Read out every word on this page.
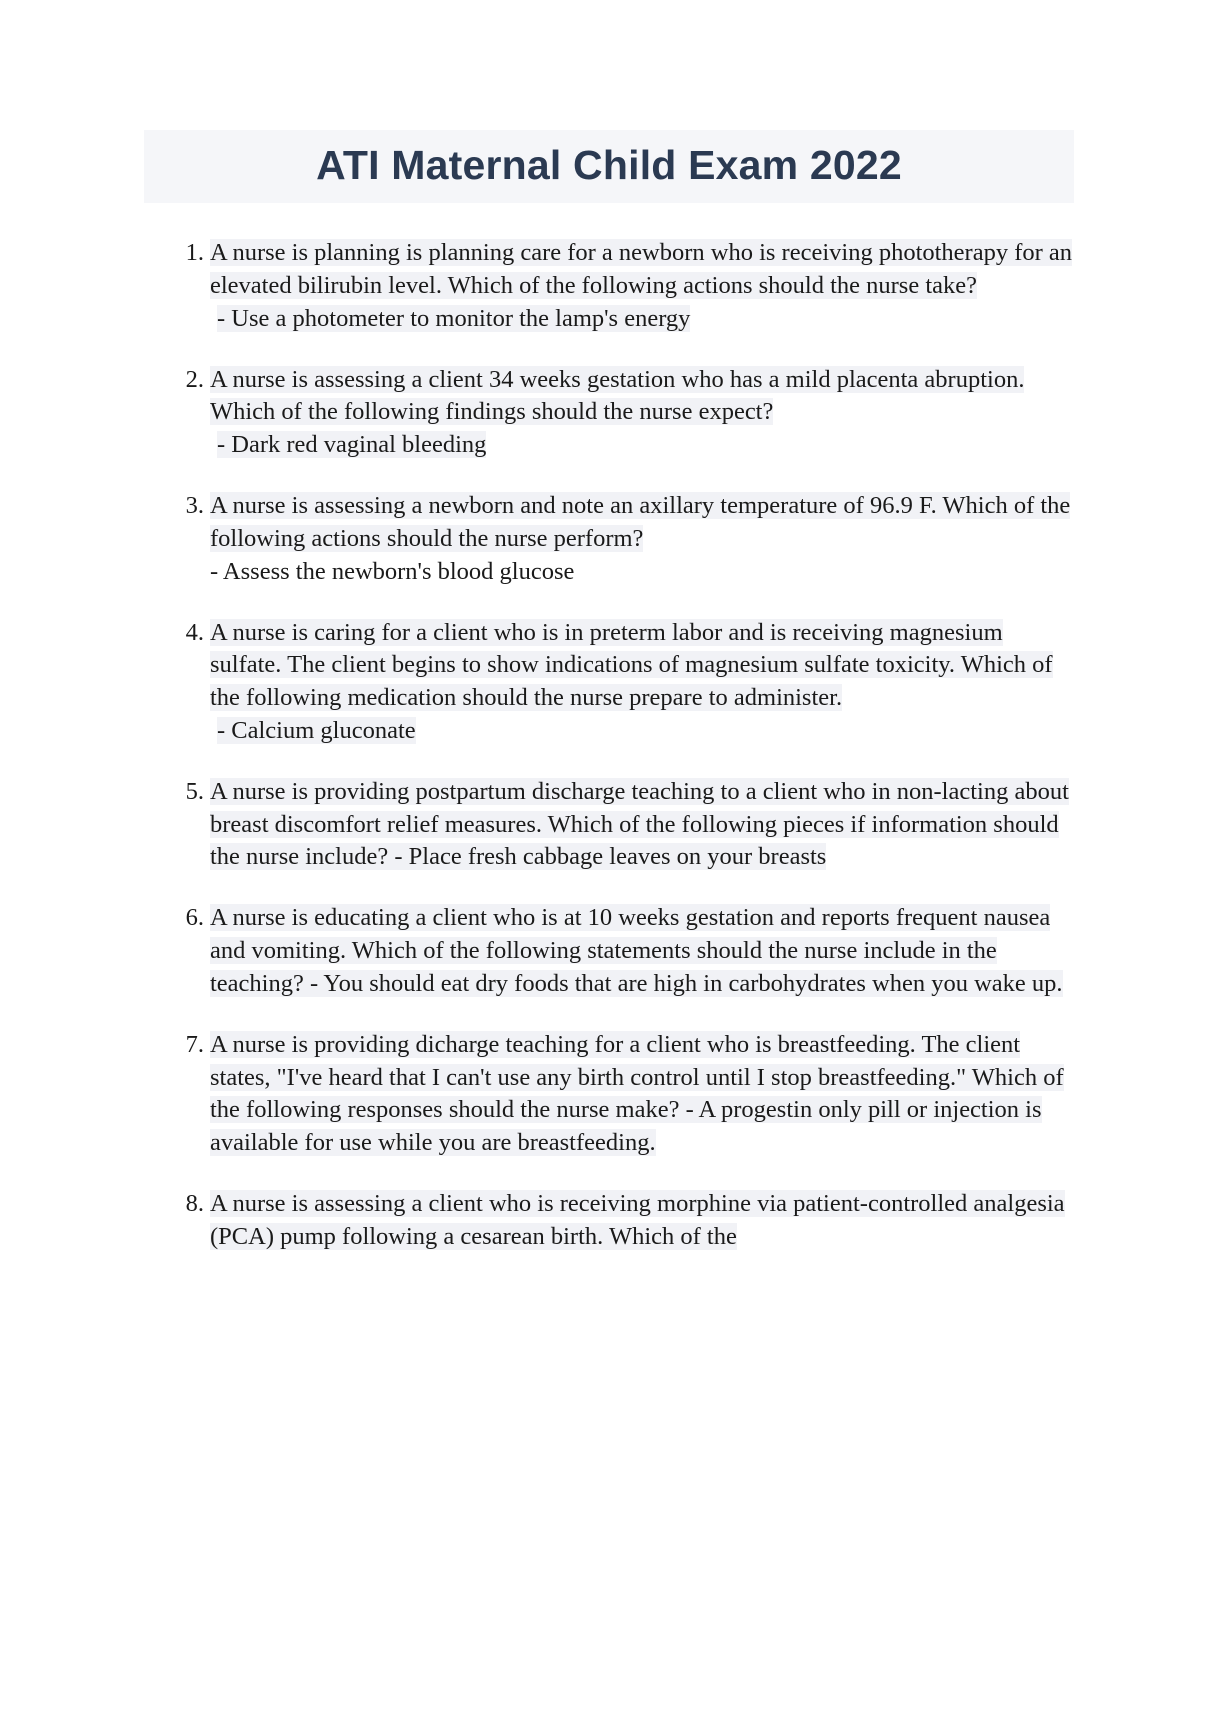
ATI Maternal Child Exam 2022
1. A nurse is planning is planning care for a newborn who is receiving phototherapy for an elevated bilirubin level. Which of the following actions should the nurse take?
- Use a photometer to monitor the lamp's energy
2. A nurse is assessing a client 34 weeks gestation who has a mild placenta abruption. Which of the following findings should the nurse expect?
- Dark red vaginal bleeding
3. A nurse is assessing a newborn and note an axillary temperature of 96.9 F. Which of the following actions should the nurse perform?
- Assess the newborn's blood glucose
4. A nurse is caring for a client who is in preterm labor and is receiving magnesium sulfate. The client begins to show indications of magnesium sulfate toxicity. Which of the following medication should the nurse prepare to administer.
- Calcium gluconate
5. A nurse is providing postpartum discharge teaching to a client who in non-lacting about breast discomfort relief measures. Which of the following pieces if information should the nurse include? - Place fresh cabbage leaves on your breasts
6. A nurse is educating a client who is at 10 weeks gestation and reports frequent nausea and vomiting. Which of the following statements should the nurse include in the teaching? - You should eat dry foods that are high in carbohydrates when you wake up.
7. A nurse is providing dicharge teaching for a client who is breastfeeding. The client states, "I've heard that I can't use any birth control until I stop breastfeeding." Which of the following responses should the nurse make? - A progestin only pill or injection is available for use while you are breastfeeding.
8. A nurse is assessing a client who is receiving morphine via patient-controlled analgesia (PCA) pump following a cesarean birth. Which of the
